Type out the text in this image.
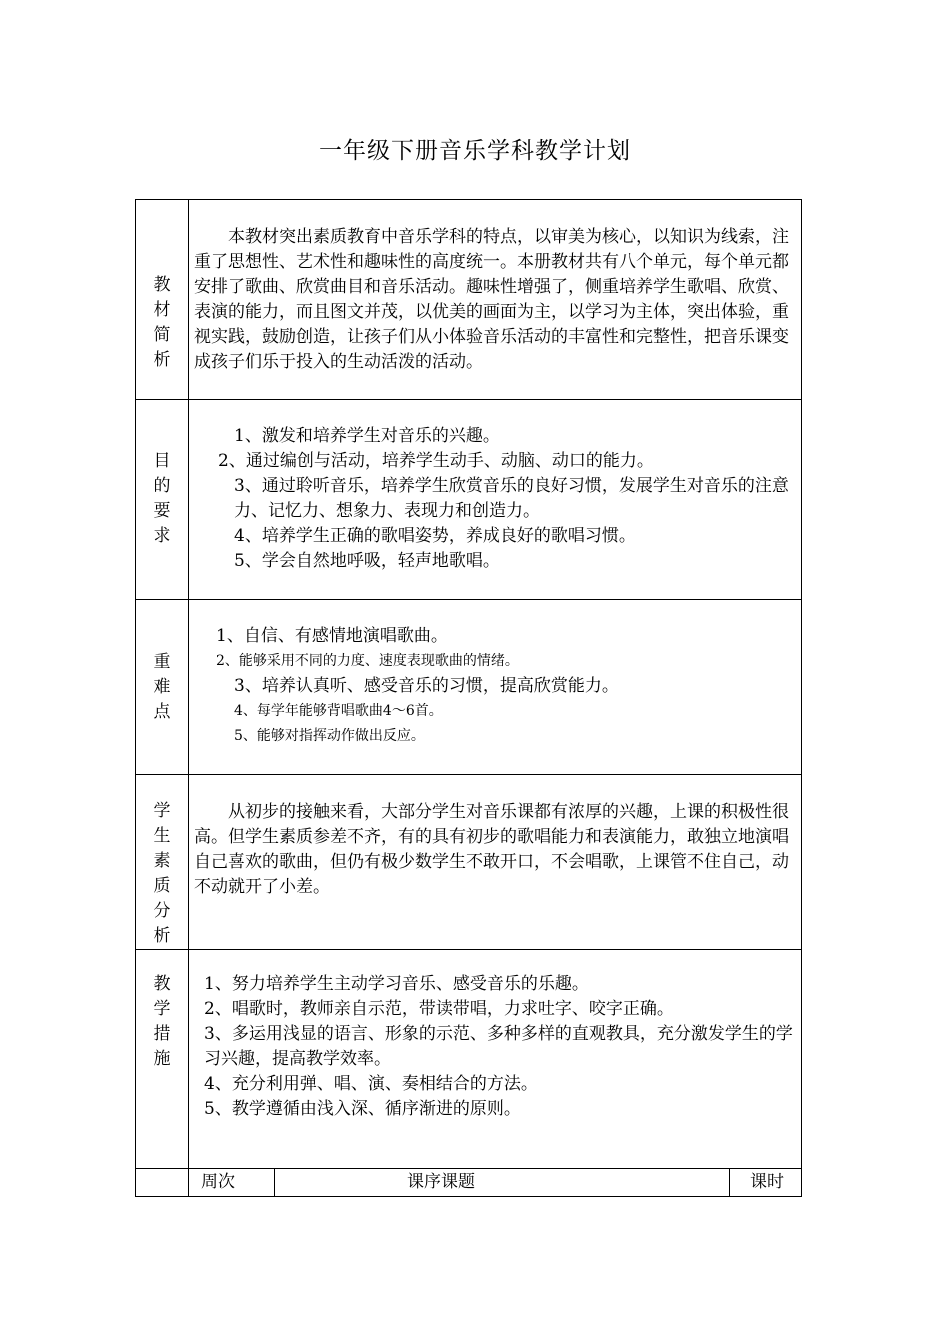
一年级下册音乐学科教学计划
教材简析

本教材突出素质教育中音乐学科的特点，以审美为核心，以知识为线索，注重了思想性、艺术性和趣味性的高度统一。本册教材共有八个单元，每个单元都安排了歌曲、欣赏曲目和音乐活动。趣味性增强了，侧重培养学生歌唱、欣赏、表演的能力，而且图文并茂，以优美的画面为主，以学习为主体，突出体验，重视实践，鼓励创造，让孩子们从小体验音乐活动的丰富性和完整性，把音乐课变成孩子们乐于投入的生动活泼的活动。

目的要求

1、激发和培养学生对音乐的兴趣。

2、通过编创与活动，培养学生动手、动脑、动口的能力。

3、通过聆听音乐，培养学生欣赏音乐的良好习惯，发展学生对音乐的注意力、记忆力、想象力、表现力和创造力。

4、培养学生正确的歌唱姿势，养成良好的歌唱习惯。

5、学会自然地呼吸，轻声地歌唱。

重难点

1、自信、有感情地演唱歌曲。

2、能够采用不同的力度、速度表现歌曲的情绪。

3、培养认真听、感受音乐的习惯，提高欣赏能力。

4、每学年能够背唱歌曲4～6首。

5、能够对指挥动作做出反应。

学生素质分析

从初步的接触来看，大部分学生对音乐课都有浓厚的兴趣，上课的积极性很高。但学生素质参差不齐，有的具有初步的歌唱能力和表演能力，敢独立地演唱自己喜欢的歌曲，但仍有极少数学生不敢开口，不会唱歌，上课管不住自己，动不动就开了小差。

教学措施

1、努力培养学生主动学习音乐、感受音乐的乐趣。

2、唱歌时，教师亲自示范，带读带唱，力求吐字、咬字正确。

3、多运用浅显的语言、形象的示范、多种多样的直观教具，充分激发学生的学习兴趣，提高教学效率。

4、充分利用弹、唱、演、奏相结合的方法。

5、教学遵循由浅入深、循序渐进的原则。

周次	课序课题	课时
